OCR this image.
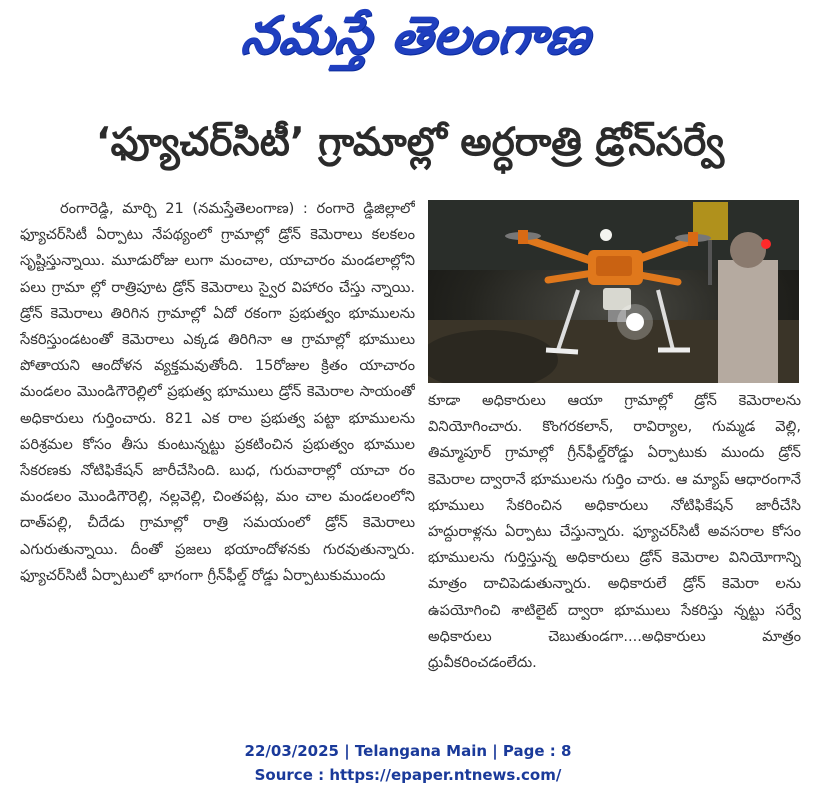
నమస్తే తెలంగాణ
‘ఫ్యూచర్‌సిటీ’ గ్రామాల్లో అర్ధరాత్రి డ్రోన్‌సర్వే

రంగారెడ్డి, మార్చి 21 (నమస్తేతెలంగాణ) : రంగారె డ్డిజిల్లాలో ఫ్యూచర్‌సిటీ ఏర్పాటు నేపథ్యంలో గ్రామాల్లో డ్రోన్ కెమెరాలు కలకలం సృష్టిస్తున్నాయి. మూడురోజు లుగా మంచాల, యాచారం మండలాల్లోని పలు గ్రామా ల్లో రాత్రిపూట డ్రోన్ కెమెరాలు స్వైర విహారం చేస్తు న్నాయి. డ్రోన్ కెమెరాలు తిరిగిన గ్రామాల్లో ఏదో రకంగా ప్రభుత్వం భూములను సేకరిస్తుండటంతో కెమెరాలు ఎక్కడ తిరిగినా ఆ గ్రామాల్లో భూములు పోతాయని ఆందోళన వ్యక్తమవుతోంది. 15రోజుల క్రితం యాచారం మండలం మొండిగౌరెల్లిలో ప్రభుత్వ భూములు డ్రోన్ కెమెరాల సాయంతో అధికారులు గుర్తించారు. 821 ఎక రాల ప్రభుత్వ పట్టా భూములను పరిశ్రమల కోసం తీసు కుంటున్నట్టు ప్రకటించిన ప్రభుత్వం భూముల సేకరణకు నోటిఫికేషన్ జారీచేసింది. బుధ, గురువారాల్లో యాచా రం మండలం మొండిగౌరెల్లి, నల్లవెల్లి, చింతపట్ల, మం చాల మండలంలోని దాత్‌పల్లి, చీదేడు గ్రామాల్లో రాత్రి సమయంలో డ్రోన్ కెమెరాలు ఎగురుతున్నాయి. దీంతో ప్రజలు భయాందోళనకు గురవుతున్నారు. ఫ్యూచర్‌సిటీ ఏర్పాటులో భాగంగా గ్రీన్‌ఫీల్డ్ రోడ్డు ఏర్పాటుకుముందు

కూడా అధికారులు ఆయా గ్రామాల్లో డ్రోన్ కెమెరాలను వినియోగించారు. కొంగరకలాన్, రావిర్యాల, గుమ్మడ వెల్లి, తిమ్మాపూర్ గ్రామాల్లో గ్రీన్‌ఫీల్డ్‌రోడ్డు ఏర్పాటుకు ముందు డ్రోన్ కెమెరాల ద్వారానే భూములను గుర్తిం చారు. ఆ మ్యాప్ ఆధారంగానే భూములు సేకరించిన అధికారులు నోటిఫికేషన్ జారీచేసి హద్దురాళ్లను ఏర్పాటు చేస్తున్నారు. ఫ్యూచర్‌సిటీ అవసరాల కోసం భూములను గుర్తిస్తున్న అధికారులు డ్రోన్ కెమెరాల వినియోగాన్ని మాత్రం దాచిపెడుతున్నారు. అధికారులే డ్రోన్ కెమెరా లను ఉపయోగించి శాటిలైట్ ద్వారా భూములు సేకరిస్తు న్నట్టు సర్వే అధికారులు చెబుతుండగా....అధికారులు మాత్రం ధ్రువీకరించడంలేదు.

22/03/2025 | Telangana Main | Page : 8
Source : https://epaper.ntnews.com/
